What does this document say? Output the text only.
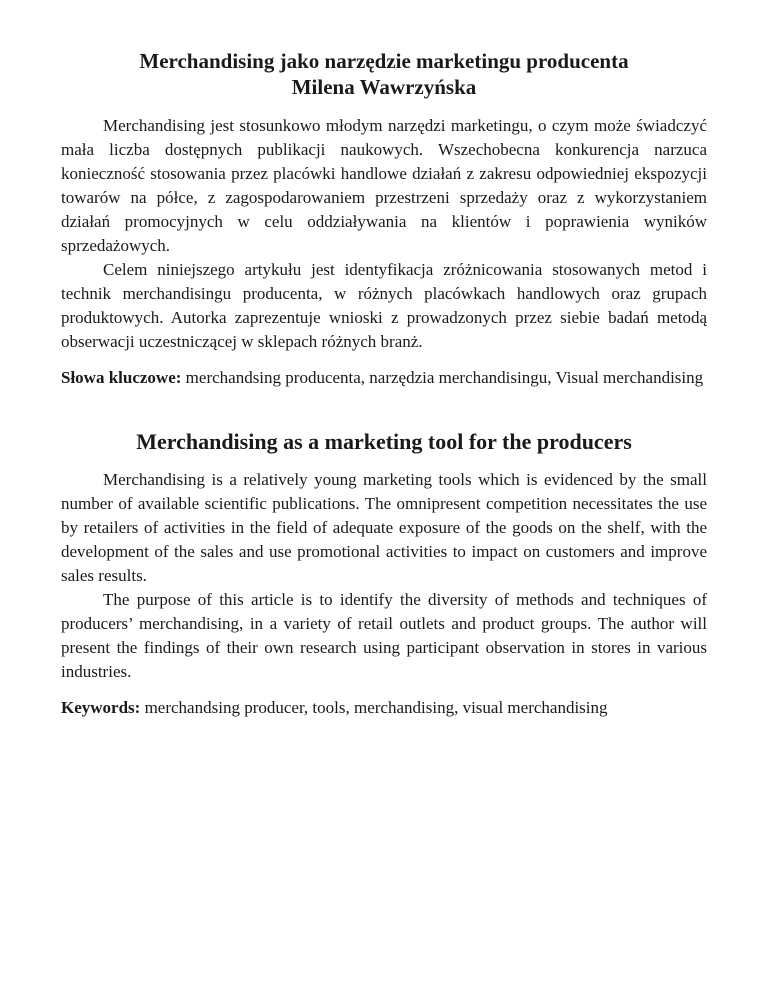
Merchandising jako narzędzie marketingu producenta
Milena Wawrzyńska

Merchandising jest stosunkowo młodym narzędzi marketingu, o czym może świadczyć mała liczba dostępnych publikacji naukowych. Wszechobecna konkurencja narzuca konieczność stosowania przez placówki handlowe działań z zakresu odpowiedniej ekspozycji towarów na półce, z zagospodarowaniem przestrzeni sprzedaży oraz z wykorzystaniem działań promocyjnych w celu oddziaływania na klientów i poprawienia wyników sprzedażowych.

Celem niniejszego artykułu jest identyfikacja zróżnicowania stosowanych metod i technik merchandisingu producenta, w różnych placówkach handlowych oraz grupach produktowych. Autorka zaprezentuje wnioski z prowadzonych przez siebie badań metodą obserwacji uczestniczącej w sklepach różnych branż.

Słowa kluczowe: merchandsing producenta, narzędzia merchandisingu, Visual merchandising

Merchandising as a marketing tool for the producers

Merchandising is a relatively young marketing tools which is evidenced by the small number of available scientific publications. The omnipresent competition necessitates the use by retailers of activities in the field of adequate exposure of the goods on the shelf, with the development of the sales and use promotional activities to impact on customers and improve sales results.

The purpose of this article is to identify the diversity of methods and techniques of producers’ merchandising, in a variety of retail outlets and product groups. The author will present the findings of their own research using participant observation in stores in various industries.

Keywords: merchandsing producer, tools, merchandising, visual merchandising
